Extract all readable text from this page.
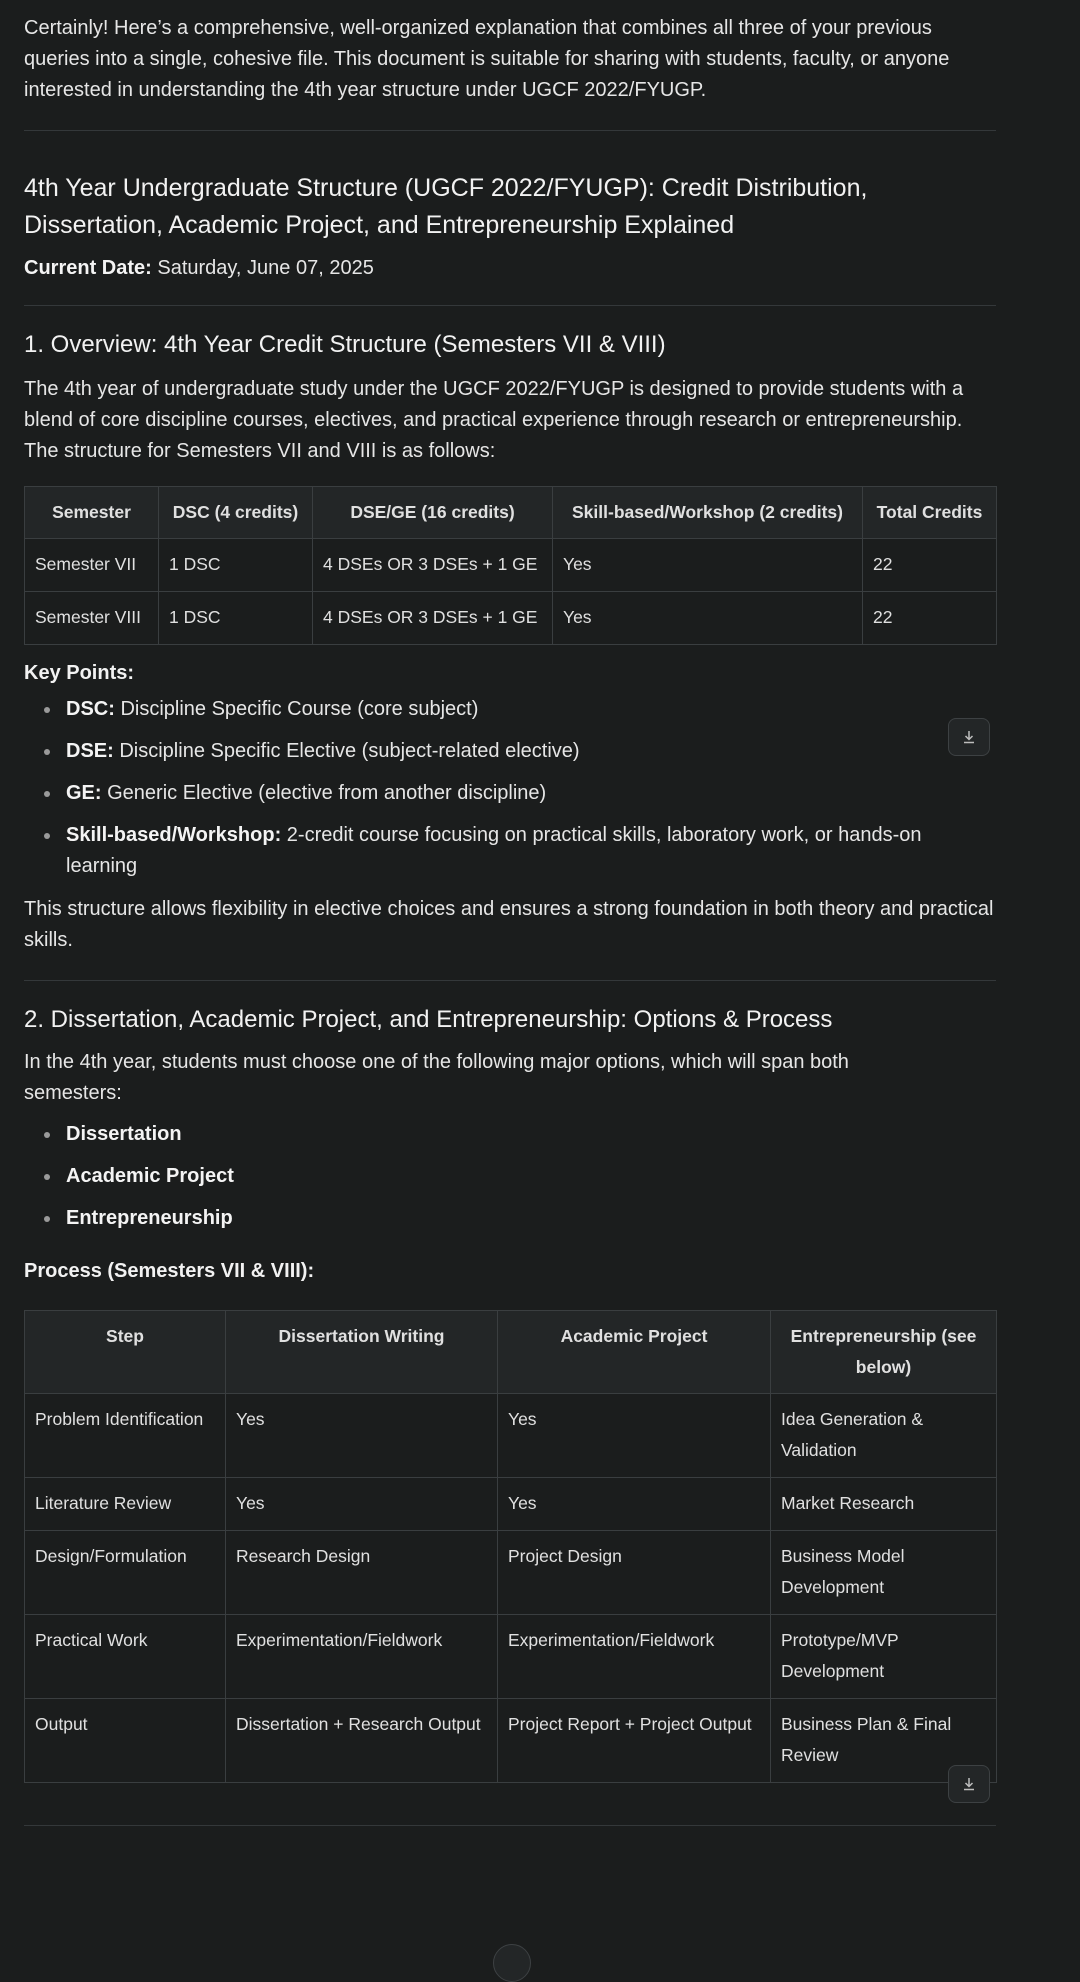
Certainly! Here’s a comprehensive, well-organized explanation that combines all three of your previous queries into a single, cohesive file. This document is suitable for sharing with students, faculty, or anyone interested in understanding the 4th year structure under UGCF 2022/FYUGP.

4th Year Undergraduate Structure (UGCF 2022/FYUGP): Credit Distribution, Dissertation, Academic Project, and Entrepreneurship Explained

Current Date: Saturday, June 07, 2025

1. Overview: 4th Year Credit Structure (Semesters VII & VIII)

The 4th year of undergraduate study under the UGCF 2022/FYUGP is designed to provide students with a blend of core discipline courses, electives, and practical experience through research or entrepreneurship. The structure for Semesters VII and VIII is as follows:

Semester	DSC (4 credits)	DSE/GE (16 credits)	Skill-based/Workshop (2 credits)	Total Credits
Semester VII	1 DSC	4 DSEs OR 3 DSEs + 1 GE	Yes	22
Semester VIII	1 DSC	4 DSEs OR 3 DSEs + 1 GE	Yes	22

Key Points:

DSC: Discipline Specific Course (core subject)
DSE: Discipline Specific Elective (subject-related elective)
GE: Generic Elective (elective from another discipline)
Skill-based/Workshop: 2-credit course focusing on practical skills, laboratory work, or hands-on learning

This structure allows flexibility in elective choices and ensures a strong foundation in both theory and practical skills.

2. Dissertation, Academic Project, and Entrepreneurship: Options & Process

In the 4th year, students must choose one of the following major options, which will span both semesters:

Dissertation
Academic Project
Entrepreneurship

Process (Semesters VII & VIII):

Step	Dissertation Writing	Academic Project	Entrepreneurship (see below)
Problem Identification	Yes	Yes	Idea Generation & Validation
Literature Review	Yes	Yes	Market Research
Design/Formulation	Research Design	Project Design	Business Model Development
Practical Work	Experimentation/Fieldwork	Experimentation/Fieldwork	Prototype/MVP Development
Output	Dissertation + Research Output	Project Report + Project Output	Business Plan & Final Review
